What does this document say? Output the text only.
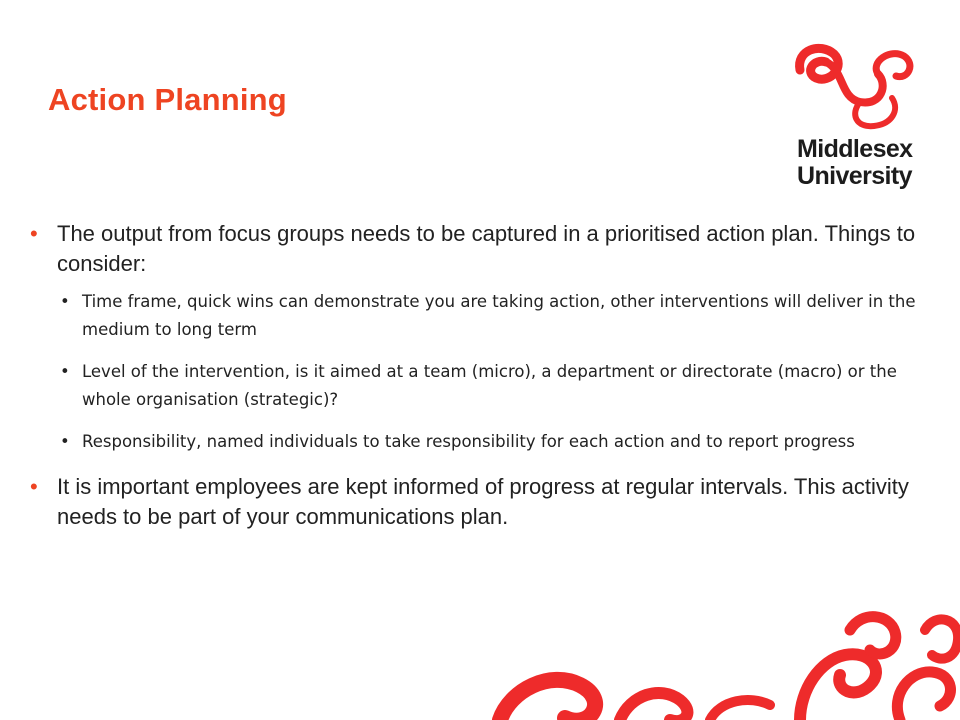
Action Planning
Middlesex
University
• The output from focus groups needs to be captured in a prioritised action plan. Things to consider:
• Time frame, quick wins can demonstrate you are taking action, other interventions will deliver in the medium to long term
• Level of the intervention, is it aimed at a team (micro), a department or directorate (macro) or the whole organisation (strategic)?
• Responsibility, named individuals to take responsibility for each action and to report progress
• It is important employees are kept informed of progress at regular intervals. This activity needs to be part of your communications plan.
